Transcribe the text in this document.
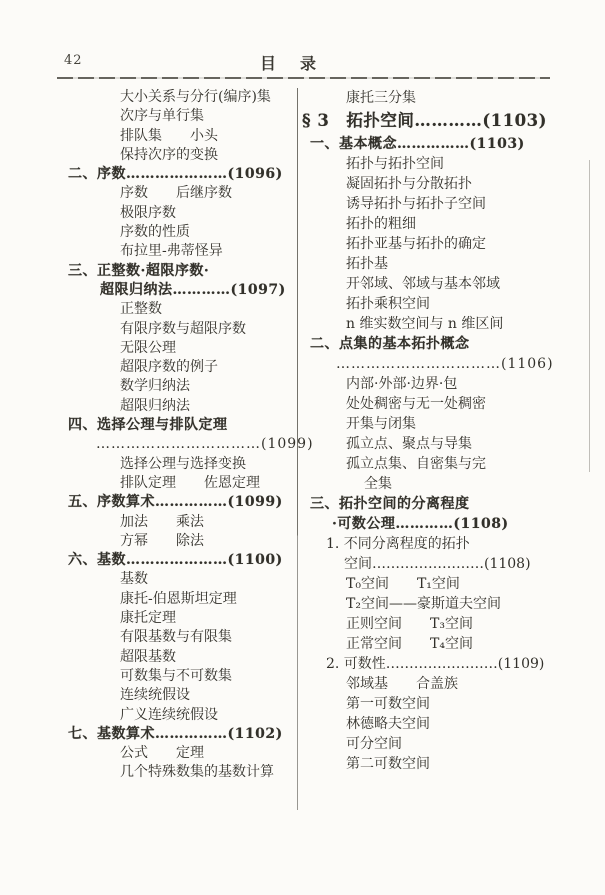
42	目　录
大小关系与分行(编序)集
次序与单行集
排队集　　小头
保持次序的变换
二、序数…………………(1096)
序数　　后继序数
极限序数
序数的性质
布拉里-弗蒂怪异
三、正整数·超限序数·
超限归纳法…………(1097)
正整数
有限序数与超限序数
无限公理
超限序数的例子
数学归纳法
超限归纳法
四、选择公理与排队定理
……………………………(1099)
选择公理与选择变换
排队定理　　佐恩定理
五、序数算术……………(1099)
加法　　乘法
方幂　　除法
六、基数…………………(1100)
基数
康托-伯恩斯坦定理
康托定理
有限基数与有限集
超限基数
可数集与不可数集
连续统假设
广义连续统假设
七、基数算术……………(1102)
公式　　定理
几个特殊数集的基数计算
康托三分集
§ 3　拓扑空间…………(1103)
一、基本概念……………(1103)
拓扑与拓扑空间
凝固拓扑与分散拓扑
诱导拓扑与拓扑子空间
拓扑的粗细
拓扑亚基与拓扑的确定
拓扑基
开邻域、邻域与基本邻域
拓扑乘积空间
n 维实数空间与 n 维区间
二、点集的基本拓扑概念
……………………………(1106)
内部·外部·边界·包
处处稠密与无一处稠密
开集与闭集
孤立点、聚点与导集
孤立点集、自密集与完
全集
三、拓扑空间的分离程度
·可数公理…………(1108)
1. 不同分离程度的拓扑
空间……………………(1108)
T₀空间　　T₁空间
T₂空间——豪斯道夫空间
正则空间　　T₃空间
正常空间　　T₄空间
2. 可数性……………………(1109)
邻域基　　合盖族
第一可数空间
林德略夫空间
可分空间
第二可数空间
